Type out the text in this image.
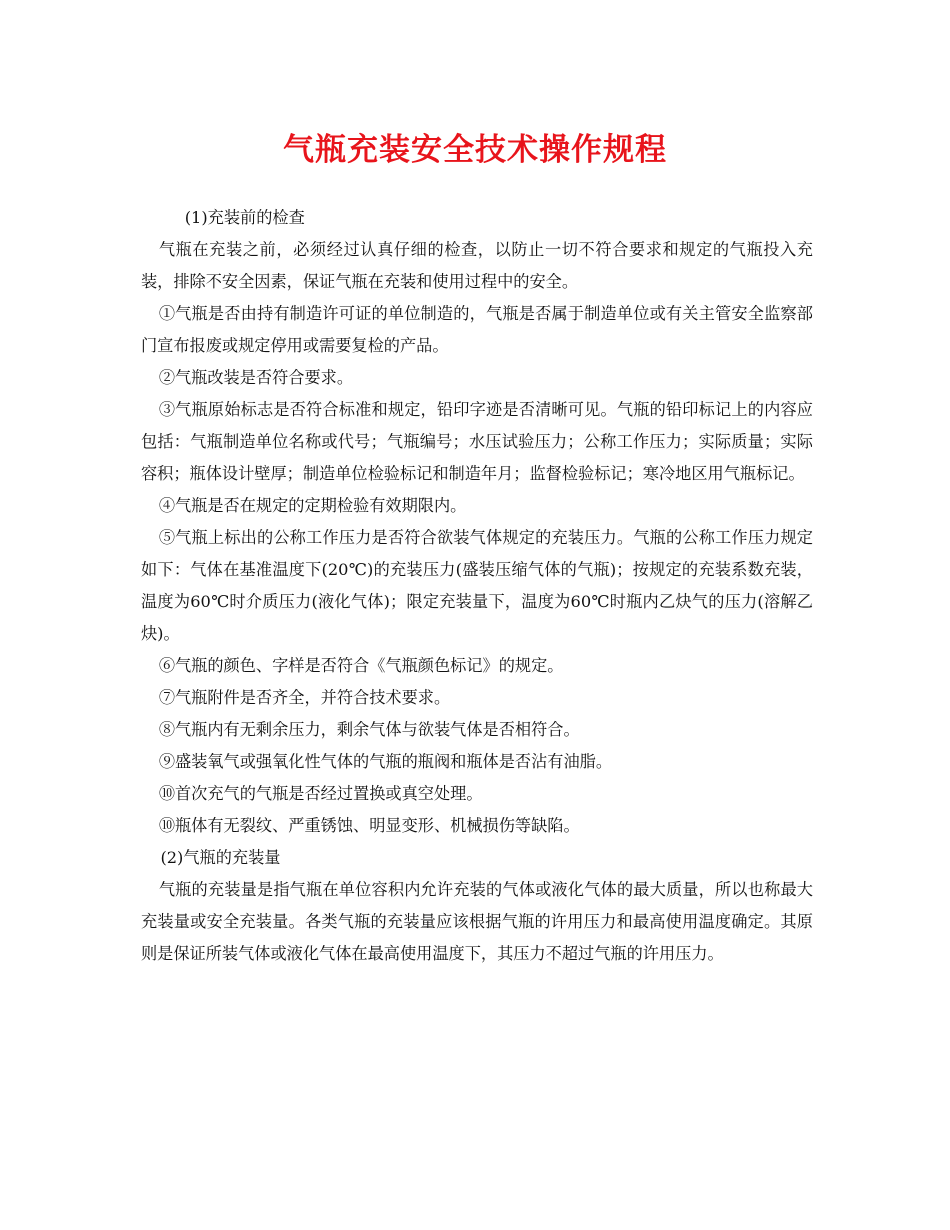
气瓶充装安全技术操作规程

(1)充装前的检查

气瓶在充装之前，必须经过认真仔细的检查，以防止一切不符合要求和规定的气瓶投入充装，排除不安全因素，保证气瓶在充装和使用过程中的安全。

①气瓶是否由持有制造许可证的单位制造的，气瓶是否属于制造单位或有关主管安全监察部门宣布报废或规定停用或需要复检的产品。

②气瓶改装是否符合要求。

③气瓶原始标志是否符合标准和规定，铅印字迹是否清晰可见。气瓶的铅印标记上的内容应包括：气瓶制造单位名称或代号；气瓶编号；水压试验压力；公称工作压力；实际质量；实际容积；瓶体设计壁厚；制造单位检验标记和制造年月；监督检验标记；寒冷地区用气瓶标记。

④气瓶是否在规定的定期检验有效期限内。

⑤气瓶上标出的公称工作压力是否符合欲装气体规定的充装压力。气瓶的公称工作压力规定如下：气体在基准温度下(20℃)的充装压力(盛装压缩气体的气瓶)；按规定的充装系数充装，温度为60℃时介质压力(液化气体)；限定充装量下，温度为60℃时瓶内乙炔气的压力(溶解乙炔)。

⑥气瓶的颜色、字样是否符合《气瓶颜色标记》的规定。

⑦气瓶附件是否齐全，并符合技术要求。

⑧气瓶内有无剩余压力，剩余气体与欲装气体是否相符合。

⑨盛装氧气或强氧化性气体的气瓶的瓶阀和瓶体是否沾有油脂。

⑩首次充气的气瓶是否经过置换或真空处理。

⑩瓶体有无裂纹、严重锈蚀、明显变形、机械损伤等缺陷。

(2)气瓶的充装量

气瓶的充装量是指气瓶在单位容积内允许充装的气体或液化气体的最大质量，所以也称最大充装量或安全充装量。各类气瓶的充装量应该根据气瓶的许用压力和最高使用温度确定。其原则是保证所装气体或液化气体在最高使用温度下，其压力不超过气瓶的许用压力。
